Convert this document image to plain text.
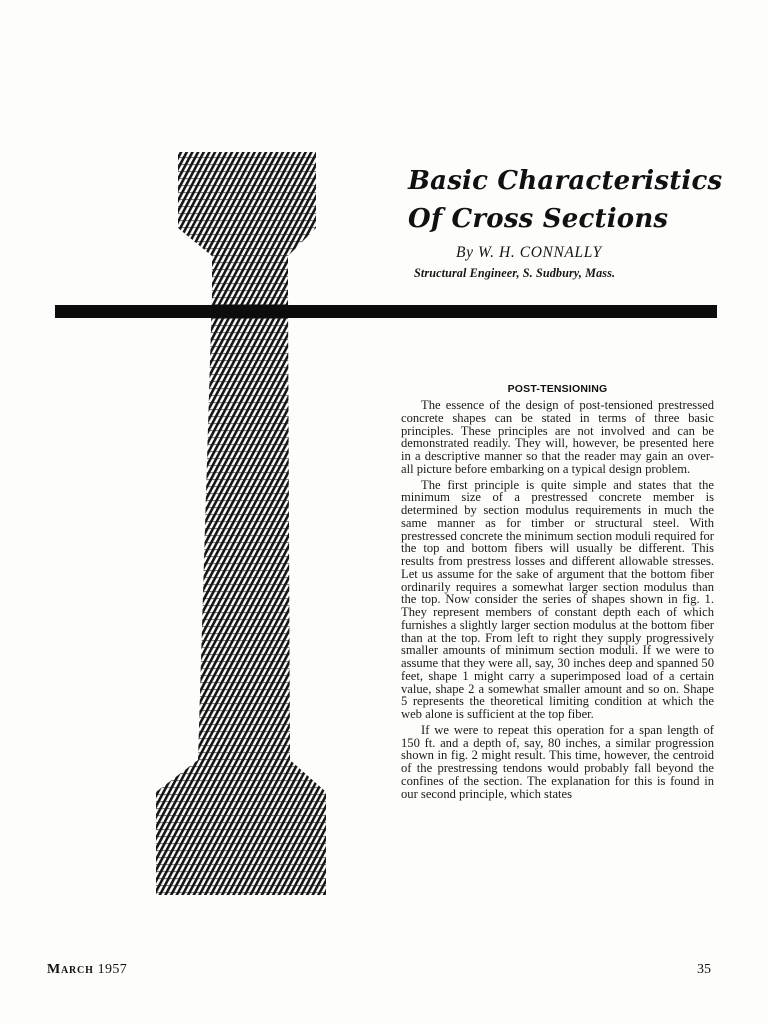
Basic Characteristics
Of Cross Sections
By W. H. CONNALLY
Structural Engineer, S. Sudbury, Mass.
POST-TENSIONING

The essence of the design of post-tensioned prestressed concrete shapes can be stated in terms of three basic principles. These principles are not involved and can be demonstrated readily. They will, however, be presented here in a descriptive manner so that the reader may gain an over-all picture before embarking on a typical design problem.

The first principle is quite simple and states that the minimum size of a prestressed concrete member is determined by section modulus requirements in much the same manner as for timber or structural steel. With prestressed concrete the minimum section moduli required for the top and bottom fibers will usually be different. This results from prestress losses and different allowable stresses. Let us assume for the sake of argument that the bottom fiber ordinarily requires a somewhat larger section modulus than the top. Now consider the series of shapes shown in fig. 1. They represent members of constant depth each of which furnishes a slightly larger section modulus at the bottom fiber than at the top. From left to right they supply progressively smaller amounts of minimum section moduli. If we were to assume that they were all, say, 30 inches deep and spanned 50 feet, shape 1 might carry a superimposed load of a certain value, shape 2 a somewhat smaller amount and so on. Shape 5 represents the theoretical limiting condition at which the web alone is sufficient at the top fiber.

If we were to repeat this operation for a span length of 150 ft. and a depth of, say, 80 inches, a similar progression shown in fig. 2 might result. This time, however, the centroid of the prestressing tendons would probably fall beyond the confines of the section. The explanation for this is found in our second principle, which states

March 1957	35
